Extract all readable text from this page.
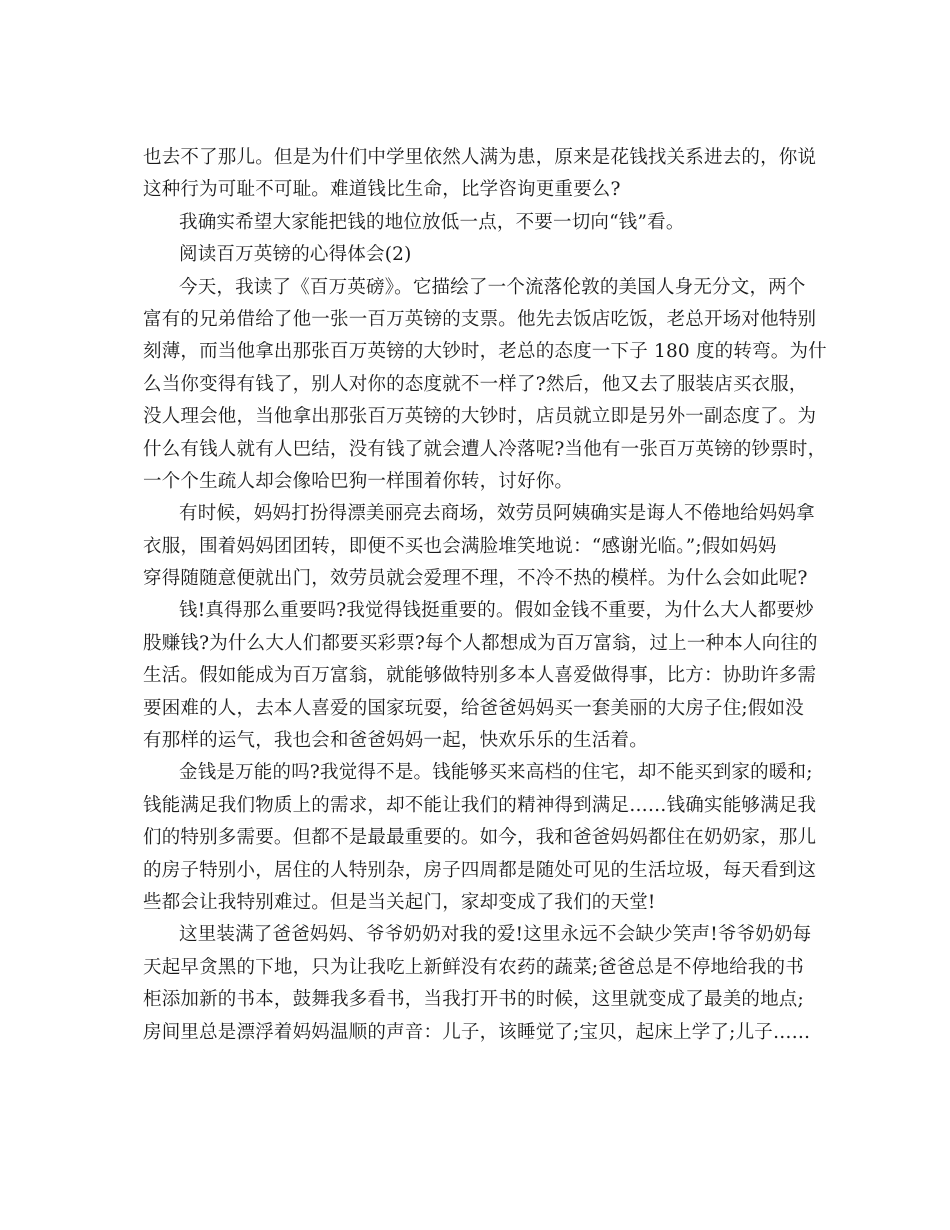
也去不了那儿。但是为什们中学里依然人满为患，原来是花钱找关系进去的，你说
这种行为可耻不可耻。难道钱比生命，比学咨询更重要么?
我确实希望大家能把钱的地位放低一点，不要一切向“钱”看。
阅读百万英镑的心得体会(2)
今天，我读了《百万英磅》。它描绘了一个流落伦敦的美国人身无分文，两个
富有的兄弟借给了他一张一百万英镑的支票。他先去饭店吃饭，老总开场对他特别
刻薄，而当他拿出那张百万英镑的大钞时，老总的态度一下子 180 度的转弯。为什
么当你变得有钱了，别人对你的态度就不一样了?然后，他又去了服装店买衣服，
没人理会他，当他拿出那张百万英镑的大钞时，店员就立即是另外一副态度了。为
什么有钱人就有人巴结，没有钱了就会遭人冷落呢?当他有一张百万英镑的钞票时，
一个个生疏人却会像哈巴狗一样围着你转，讨好你。
有时候，妈妈打扮得漂美丽亮去商场，效劳员阿姨确实是诲人不倦地给妈妈拿
衣服，围着妈妈团团转，即便不买也会满脸堆笑地说：“感谢光临。”;假如妈妈
穿得随随意便就出门，效劳员就会爱理不理，不冷不热的模样。为什么会如此呢?
钱!真得那么重要吗?我觉得钱挺重要的。假如金钱不重要，为什么大人都要炒
股赚钱?为什么大人们都要买彩票?每个人都想成为百万富翁，过上一种本人向往的
生活。假如能成为百万富翁，就能够做特别多本人喜爱做得事，比方：协助许多需
要困难的人，去本人喜爱的国家玩耍，给爸爸妈妈买一套美丽的大房子住;假如没
有那样的运气，我也会和爸爸妈妈一起，快欢乐乐的生活着。
金钱是万能的吗?我觉得不是。钱能够买来高档的住宅，却不能买到家的暖和;
钱能满足我们物质上的需求，却不能让我们的精神得到满足……钱确实能够满足我
们的特别多需要。但都不是最最重要的。如今，我和爸爸妈妈都住在奶奶家，那儿
的房子特别小，居住的人特别杂，房子四周都是随处可见的生活垃圾，每天看到这
些都会让我特别难过。但是当关起门，家却变成了我们的天堂!
这里装满了爸爸妈妈、爷爷奶奶对我的爱!这里永远不会缺少笑声!爷爷奶奶每
天起早贪黑的下地，只为让我吃上新鲜没有农药的蔬菜;爸爸总是不停地给我的书
柜添加新的书本，鼓舞我多看书，当我打开书的时候，这里就变成了最美的地点;
房间里总是漂浮着妈妈温顺的声音：儿子，该睡觉了;宝贝，起床上学了;儿子……
